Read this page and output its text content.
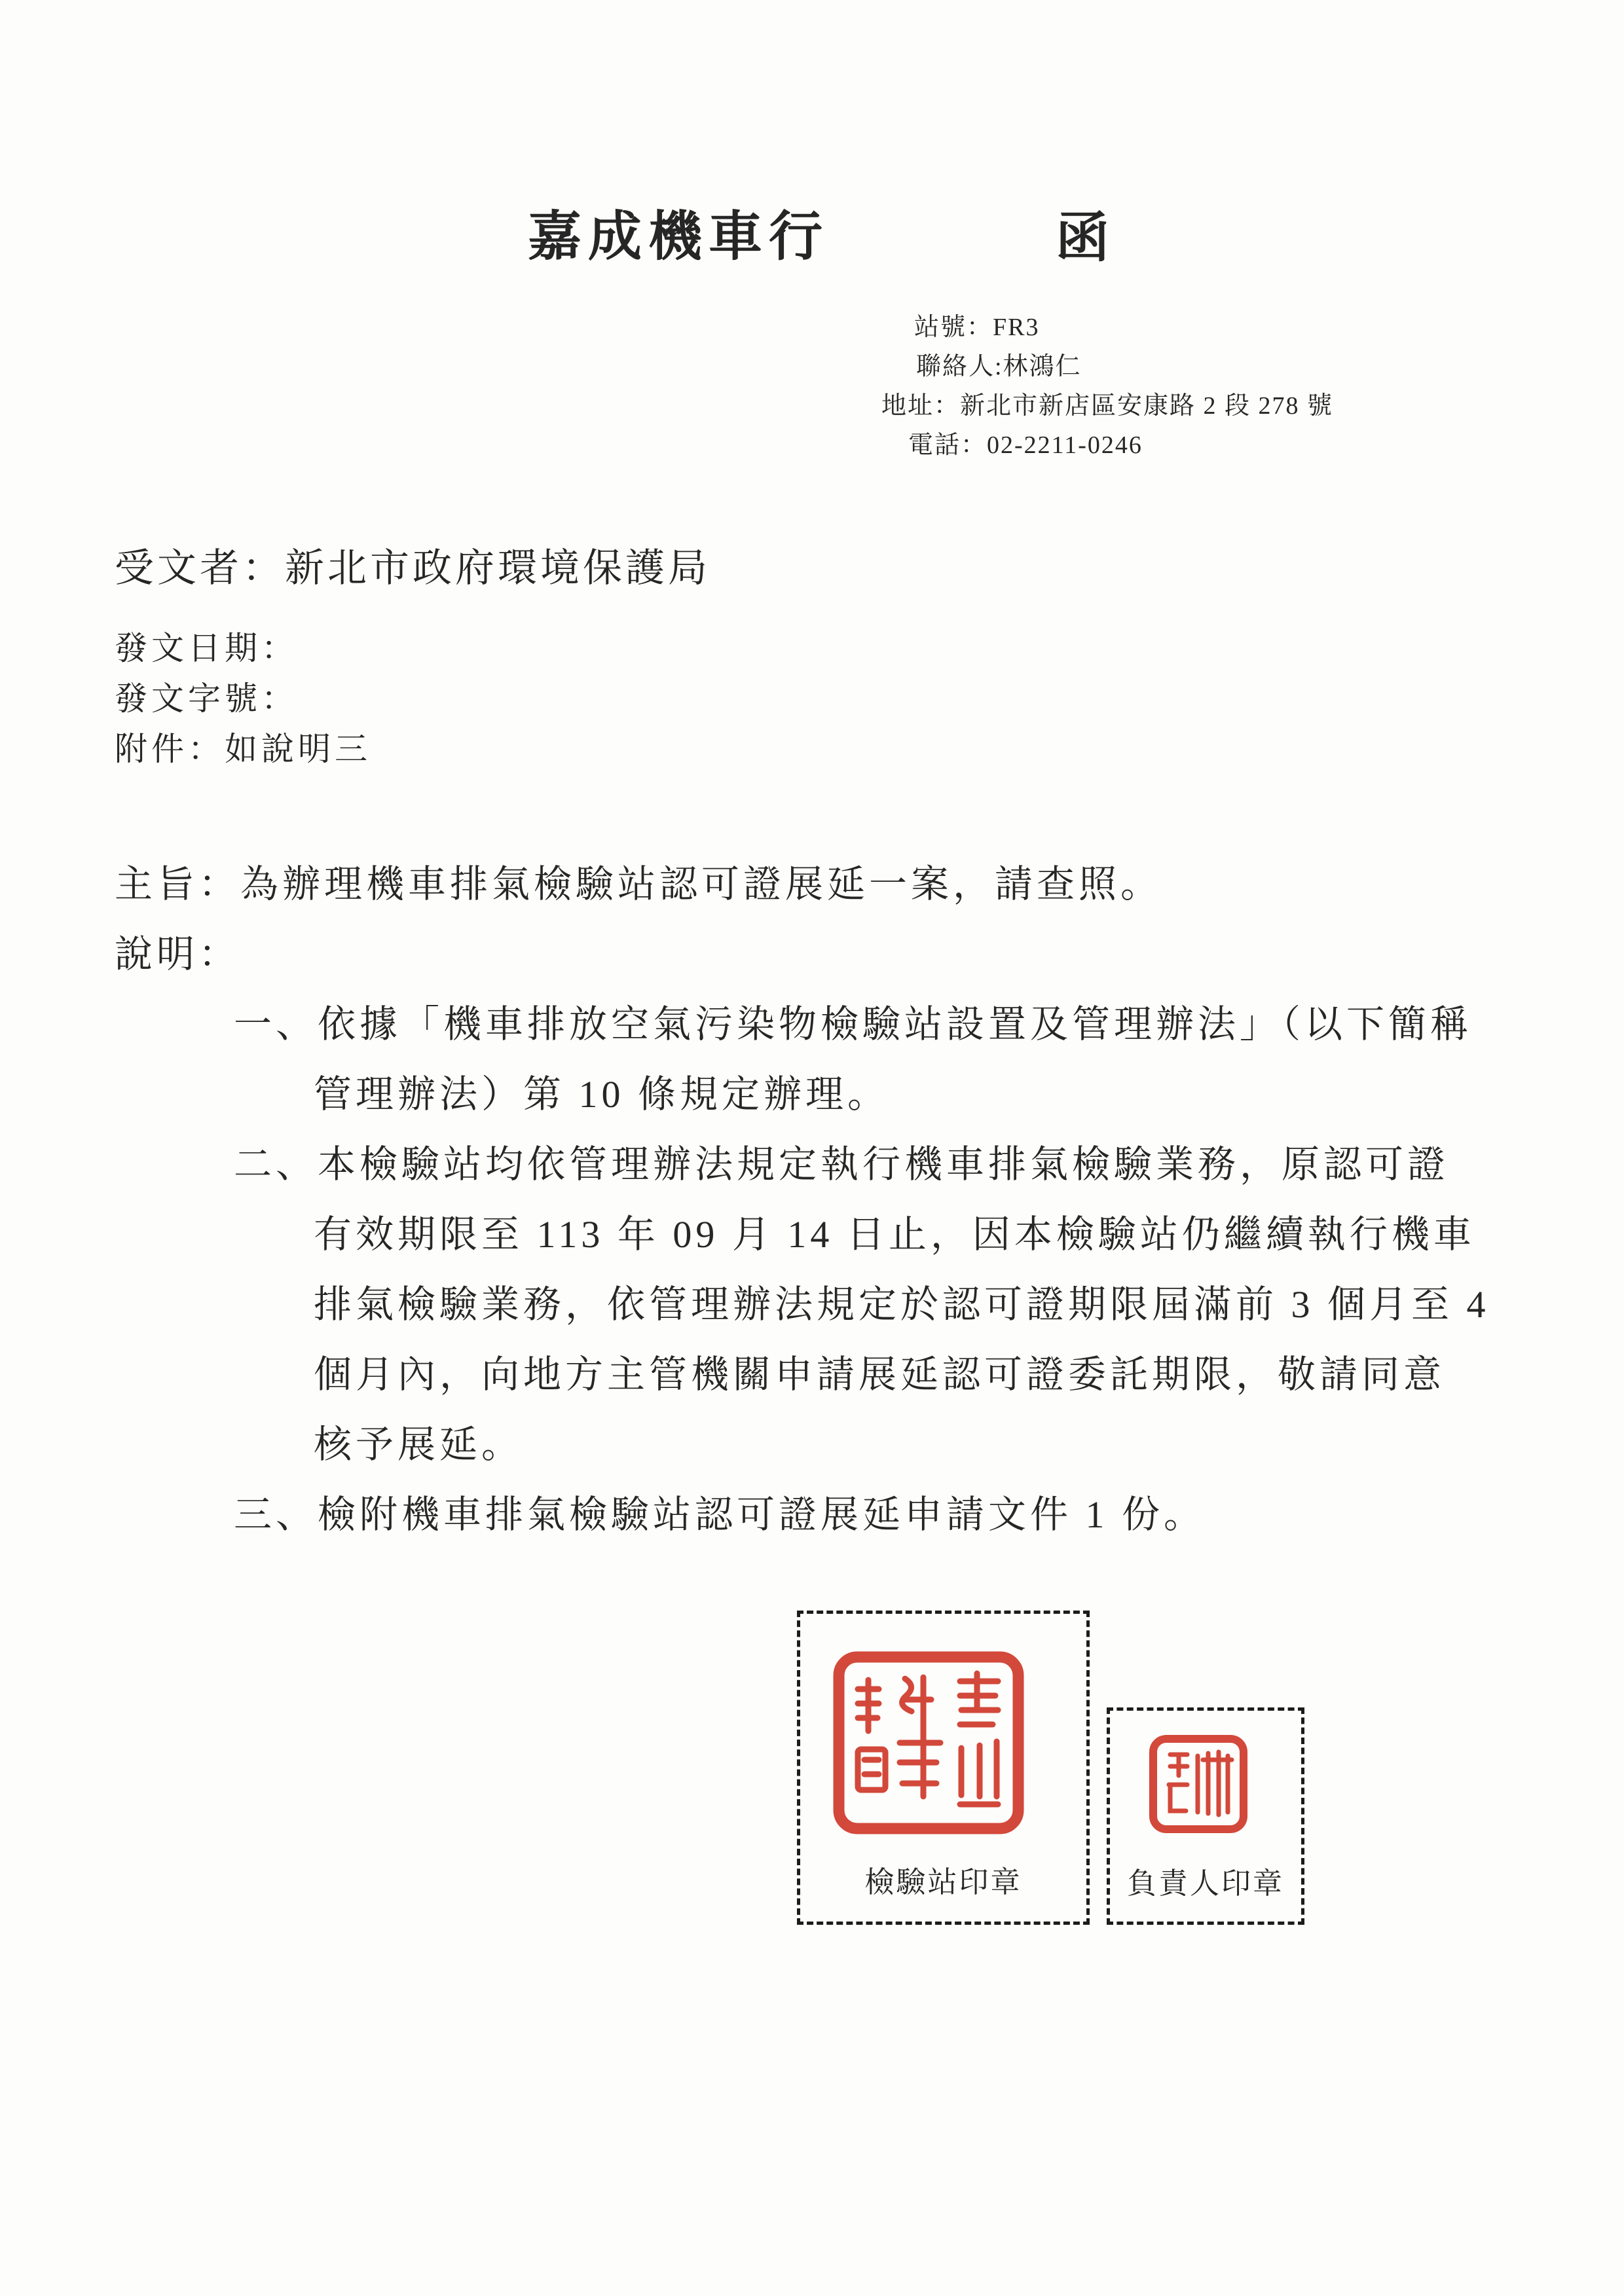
嘉成機車行	函
站號：FR3
聯絡人:林鴻仁
地址：新北市新店區安康路 2 段 278 號
電話：02-2211-0246
受文者：新北市政府環境保護局
發文日期：
發文字號：
附件：如說明三
主旨：為辦理機車排氣檢驗站認可證展延一案，請查照。
說明：
一、依據「機車排放空氣污染物檢驗站設置及管理辦法」（以下簡稱
管理辦法）第 10 條規定辦理。
二、本檢驗站均依管理辦法規定執行機車排氣檢驗業務，原認可證
有效期限至 113 年 09 月 14 日止，因本檢驗站仍繼續執行機車
排氣檢驗業務，依管理辦法規定於認可證期限屆滿前 3 個月至 4
個月內，向地方主管機關申請展延認可證委託期限，敬請同意
核予展延。
三、檢附機車排氣檢驗站認可證展延申請文件 1 份。
檢驗站印章	負責人印章
